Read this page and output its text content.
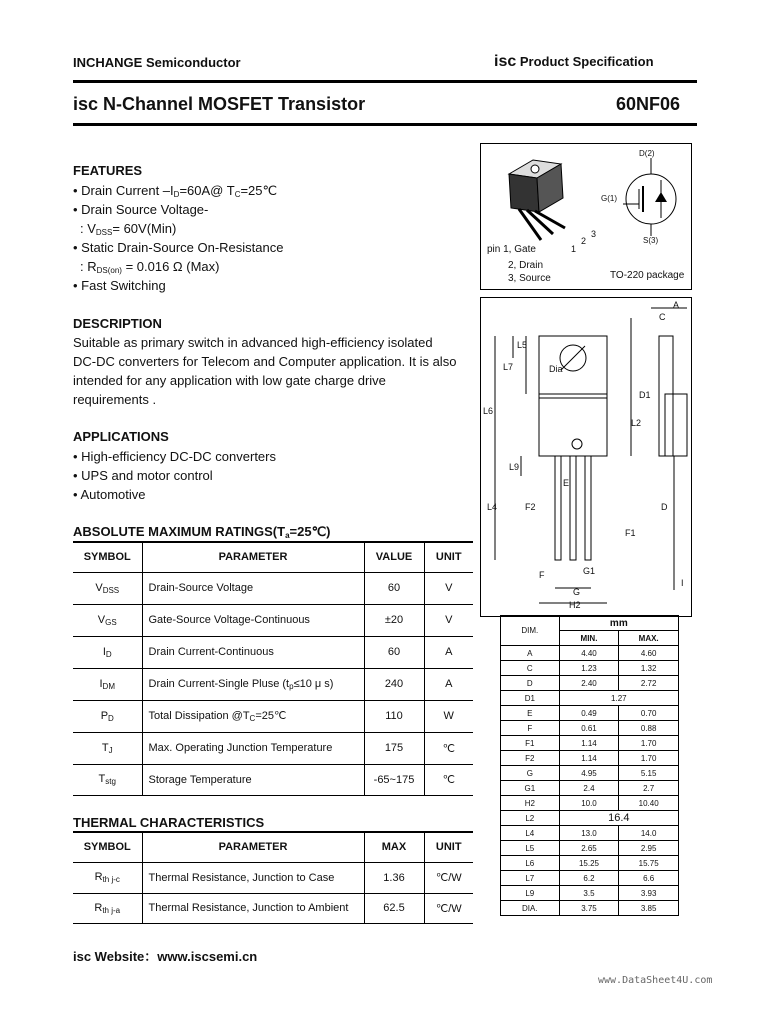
INCHANGE Semiconductor	isc Product Specification
isc N-Channel MOSFET Transistor	60NF06
FEATURES
• Drain Current $-I_D=60A@$ $T_C=25℃$
• Drain Source Voltage-
: $V_{DSS}= 60V(Min)$
• Static Drain-Source On-Resistance
: $R_{DS(on)} = 0.016$ Ω (Max)
• Fast Switching
DESCRIPTION
Suitable as primary switch in advanced high-efficiency isolated DC-DC converters for Telecom and Computer application. It is also intended for any application with low gate charge drive requirements .
APPLICATIONS
• High-efficiency DC-DC converters
• UPS and motor control
• Automotive
ABSOLUTE MAXIMUM $RATINGS(T_a=25℃)$
SYMBOL	PARAMETER	VALUE	UNIT
$V_{DSS}$	Drain-Source Voltage	60	V
$V_{GS}$	Gate-Source Voltage-Continuous	±20	V
$I_D$	Drain Current-Continuous	60	A
$I_{DM}$	Drain Current-Single Pluse ($t_p\le 10$ μ s)	240	A
$P_D$	Total Dissipation $@T_C=25℃$	110	W
$T_J$	Max. Operating Junction Temperature	175	℃
$T_{stg}$	Storage Temperature	-65~175	℃
THERMAL CHARACTERISTICS
SYMBOL	PARAMETER	MAX	UNIT
$R_{th j-c}$	Thermal Resistance, Junction to Case	1.36	℃/W
$R_{th j-a}$	Thermal Resistance, Junction to Ambient	62.5	℃/W
D(2)
G(1)
S(3)
1
2
3
pin 1, Gate
2, Drain
3, Source	TO-220 package
A
C
L5
L7	Dia
D1
L6
L2
L9
E
F2
L4	D
F1
F	G1
G
H2
I
DIM.	mm	
	MIN.	MAX.
A	4.40	4.60
C	1.23	1.32
D	2.40	2.72
D1	1.27	
E	0.49	0.70
F	0.61	0.88
F1	1.14	1.70
F2	1.14	1.70
G	4.95	5.15
G1	2.4	2.7
H2	10.0	10.40
L2	16.4	
L4	13.0	14.0
L5	2.65	2.95
L6	15.25	15.75
L7	6.2	6.6
L9	3.5	3.93
DIA.	3.75	3.85
isc Website：www.iscsemi.cn
www.DataSheet4U.com
